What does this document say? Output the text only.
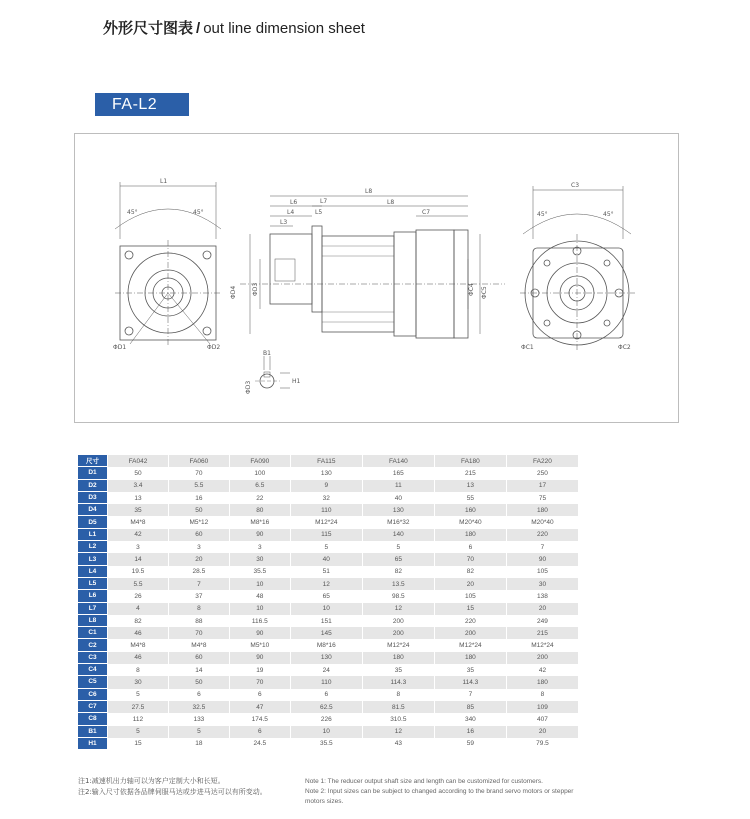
外形尺寸图表 / out line dimension sheet
FA-L2
L1
45°	45°
ΦD1	ΦD2
L8
L6	L7
L4	L5
L3
L8
C7
ΦD4	ΦD3	ΦC4 ΦC5
B1
ΦD3	H1
C3
45°	45°
ΦC1	ΦC2
尺寸	FA042	FA060	FA090	FA115	FA140	FA180	FA220
D1	50	70	100	130	165	215	250
D2	3.4	5.5	6.5	9	11	13	17
D3	13	16	22	32	40	55	75
D4	35	50	80	110	130	160	180
D5	M4*8	M5*12	M8*16	M12*24	M16*32	M20*40	M20*40
L1	42	60	90	115	140	180	220
L2	3	3	3	5	5	6	7
L3	14	20	30	40	65	70	90
L4	19.5	28.5	35.5	51	82	82	105
L5	5.5	7	10	12	13.5	20	30
L6	26	37	48	65	98.5	105	138
L7	4	8	10	10	12	15	20
L8	82	88	116.5	151	200	220	249
C1	46	70	90	145	200	200	215
C2	M4*8	M4*8	M5*10	M8*16	M12*24	M12*24	M12*24
C3	46	60	90	130	180	180	200
C4	8	14	19	24	35	35	42
C5	30	50	70	110	114.3	114.3	180
C6	5	6	6	6	8	7	8
C7	27.5	32.5	47	62.5	81.5	85	109
C8	112	133	174.5	226	310.5	340	407
B1	5	5	6	10	12	16	20
H1	15	18	24.5	35.5	43	59	79.5
注1:减速机出力轴可以为客户定制大小和长短。
注2:输入尺寸依据各品牌伺服马达或步进马达可以有所变动。
Note 1: The reducer output shaft size and length can be customized for customers.
Note 2: Input sizes can be subject to changed according to the brand servo motors or stepper motors sizes.
